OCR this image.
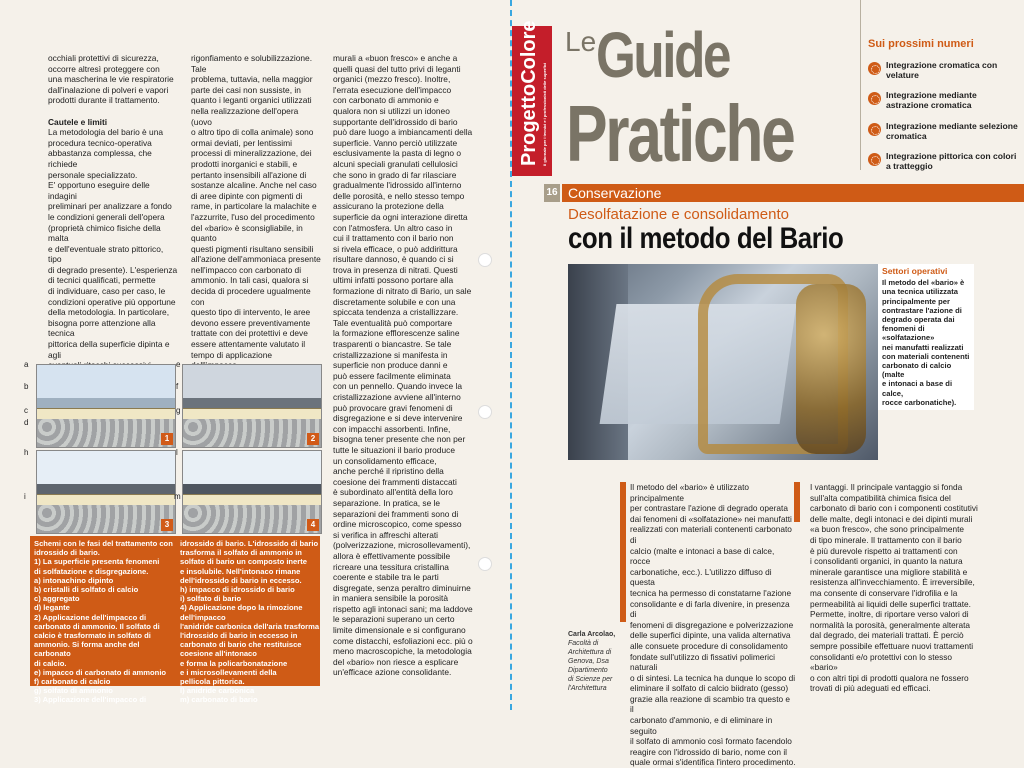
occhiali protettivi di sicurezza,
occorre altresì proteggere con
una mascherina le vie respiratorie
dall'inalazione di polveri e vapori
prodotti durante il trattamento.

Cautele e limiti
La metodologia del bario è una
procedura tecnico-operativa
abbastanza complessa, che richiede
personale specializzato.
E' opportuno eseguire delle indagini
preliminari per analizzare a fondo
le condizioni generali dell'opera
(proprietà chimico fisiche della malta
e dell'eventuale strato pittorico, tipo
di degrado presente). L'esperienza
di tecnici qualificati, permette
di individuare, caso per caso, le
condizioni operative più opportune
della metodologia. In particolare,
bisogna porre attenzione alla tecnica
pittorica della superficie dipinta e agli
rigonfiamento e solubilizzazione. Tale
problema, tuttavia, nella maggior
parte dei casi non sussiste, in
quanto i leganti organici utilizzati
nella realizzazione dell'opera (uovo
o altro tipo di colla animale) sono
ormai deviati, per lentissimi
processi di mineralizzazione, dei
prodotti inorganici e stabili, e
pertanto insensibili all'azione di
sostanze alcaline. Anche nel caso
di aree dipinte con pigmenti di
rame, in particolare la malachite e
l'azzurrite, l'uso del procedimento
del «bario» è sconsigliabile, in quanto
questi pigmenti risultano sensibili
all'azione dell'ammoniaca presente
nell'impacco con carbonato di
ammonio. In tali casi, qualora si
decida di procedere ugualmente con
questo tipo di intervento, le aree
devono essere preventivamente
trattate con dei protettivi e deve
essere attentamente valutato il
tempo di applicazione
murali a «buon fresco» e anche a
quelli quasi del tutto privi di leganti
organici (mezzo fresco). Inoltre,
l'errata esecuzione dell'impacco
con carbonato di ammonio e
qualora non si utilizzi un idoneo
supportante dell'idrossido di bario
può dare luogo a imbiancamenti della
superficie. Vanno perciò utilizzate
esclusivamente la pasta di legno o
alcuni speciali granulati cellulosici
che sono in grado di far rilasciare
gradualmente l'idrossido all'interno
delle porosità, e nello stesso tempo
assicurano la protezione della
superficie da ogni interazione diretta
con l'atmosfera. Un altro caso in
cui il trattamento con il bario non
si rivela efficace, o può addirittura
risultare dannoso, è quando ci si
trova in presenza di nitrati. Questi
ultimi infatti possono portare alla
formazione di nitrato di Bario, un sale
discretamente solubile e con una
spiccata tendenza a cristallizzare.
Tale eventualità può comportare
la formazione efflorescenze saline
trasparenti o biancastre. Se tale
cristallizzazione si manifesta in
superficie non produce danni e
può essere facilmente eliminata
con un pennello. Quando invece la
cristallizzazione avviene all'interno
può provocare gravi fenomeni di
disgregazione e si deve intervenire
con impacchi assorbenti. Infine,
bisogna tener presente che non per
tutte le situazioni il bario produce
un consolidamento efficace,
anche perché il ripristino della
coesione dei frammenti distaccati
è subordinato all'entità della loro
separazione. In pratica, se le
separazioni dei frammenti sono di
ordine microscopico, come spesso
si verifica in affreschi alterati
(polverizzazione, microsollevamenti),
allora è effettivamente possibile
ricreare una tessitura cristallina
coerente e stabile tra le parti
disgregate, senza peraltro diminuirne
in maniera sensibile la porosità
rispetto agli intonaci sani; ma laddove
le separazioni superano un certo
limite dimensionale e si configurano
come distacchi, esfoliazioni ecc. più o
meno macroscopiche, la metodologia
del «bario» non riesce a esplicare
un'efficace azione consolidante.
1	2
3	4
a
b
c
d
e
f
g
h
i
l
m
Schemi con le fasi del trattamento con
idrossido di bario.
1) La superficie presenta fenomeni
di solfatazione e disgregazione.
a) intonachino dipinto
b) cristalli di solfato di calcio
c) aggregato
d) legante
2) Applicazione dell'impacco di
carbonato di ammonio. Il solfato di
calcio è trasformato in solfato di
ammonio. Si forma anche del carbonato
di calcio.
e) impacco di carbonato di ammonio
f) carbonato di calcio
g) solfato di ammonio
3) Applicazione dell'impacco di
idrossido di bario. L'idrossido di bario
trasforma il solfato di ammonio in
solfato di bario un composto inerte
e insolubile. Nell'intonaco rimane
dell'idrossido di bario in eccesso.
h) impacco di idrossido di bario
i) solfato di bario
4) Applicazione dopo la rimozione dell'impacco
l'anidride carbonica dell'aria trasforma
l'idrossido di bario in eccesso in
carbonato di bario che restituisce
coesione all'intonaco
e forma la policarbonatazione
e i microsollevamenti della
pellicola pittorica.
l) anidride carbonica
m) carbonato di bario
ProgettoColore Il giornale per i tecnici e i professionisti delle superfici
Le Guide
Pratiche
Sui prossimi numeri
Integrazione cromatica con velature
Integrazione mediante astrazione cromatica
Integrazione mediante selezione cromatica
Integrazione pittorica con colori a tratteggio
16 Conservazione
Desolfatazione e consolidamento
con il metodo del Bario
Settori operativi
Il metodo del «bario» è
una tecnica utilizzata
principalmente per
contrastare l'azione di
degrado operata dai
fenomeni di «solfatazione»
nei manufatti realizzati
con materiali contenenti
carbonato di calcio (malte
e intonaci a base di calce,
rocce carbonatiche).
Il metodo del «bario» è utilizzato principalmente
per contrastare l'azione di degrado operata
dai fenomeni di «solfatazione» nei manufatti
realizzati con materiali contenenti carbonato di
calcio (malte e intonaci a base di calce, rocce
carbonatiche, ecc.). L'utilizzo diffuso di questa
tecnica ha permesso di constatarne l'azione
consolidante e di farla divenire, in presenza di
fenomeni di disgregazione e polverizzazione
delle superfici dipinte, una valida alternativa
alle consuete procedure di consolidamento
fondate sull'utilizzo di fissativi polimerici naturali
o di sintesi. La tecnica ha dunque lo scopo di
eliminare il solfato di calcio biidrato (gesso)
grazie alla reazione di scambio tra questo e il
carbonato d'ammonio, e di eliminare in seguito
il solfato di ammonio così formato facendolo
reagire con l'idrossido di bario, nome con il
quale ormai s'identifica l'intero procedimento.
I vantaggi. Il principale vantaggio si fonda
sull'alta compatibilità chimica fisica del
carbonato di bario con i componenti costitutivi
delle malte, degli intonaci e dei dipinti murali
«a buon fresco», che sono principalmente
di tipo minerale. Il trattamento con il bario
è più durevole rispetto ai trattamenti con
i consolidanti organici, in quanto la natura
minerale garantisce una migliore stabilità e
resistenza all'invecchiamento. È irreversibile,
ma consente di conservare l'idrofilia e la
permeabilità ai liquidi delle superfici trattate.
Permette, inoltre, di riportare verso valori di
normalità la porosità, generalmente alterata
dal degrado, dei materiali trattati. È perciò
sempre possibile effettuare nuovi trattamenti
consolidanti e/o protettivi con lo stesso «bario»
o con altri tipi di prodotti qualora ne fossero
trovati di più adeguati ed efficaci.
Carla Arcolao,
Facoltà di
Architettura di
Genova, Dsa
Dipartimento
di Scienze per
l'Architettura
